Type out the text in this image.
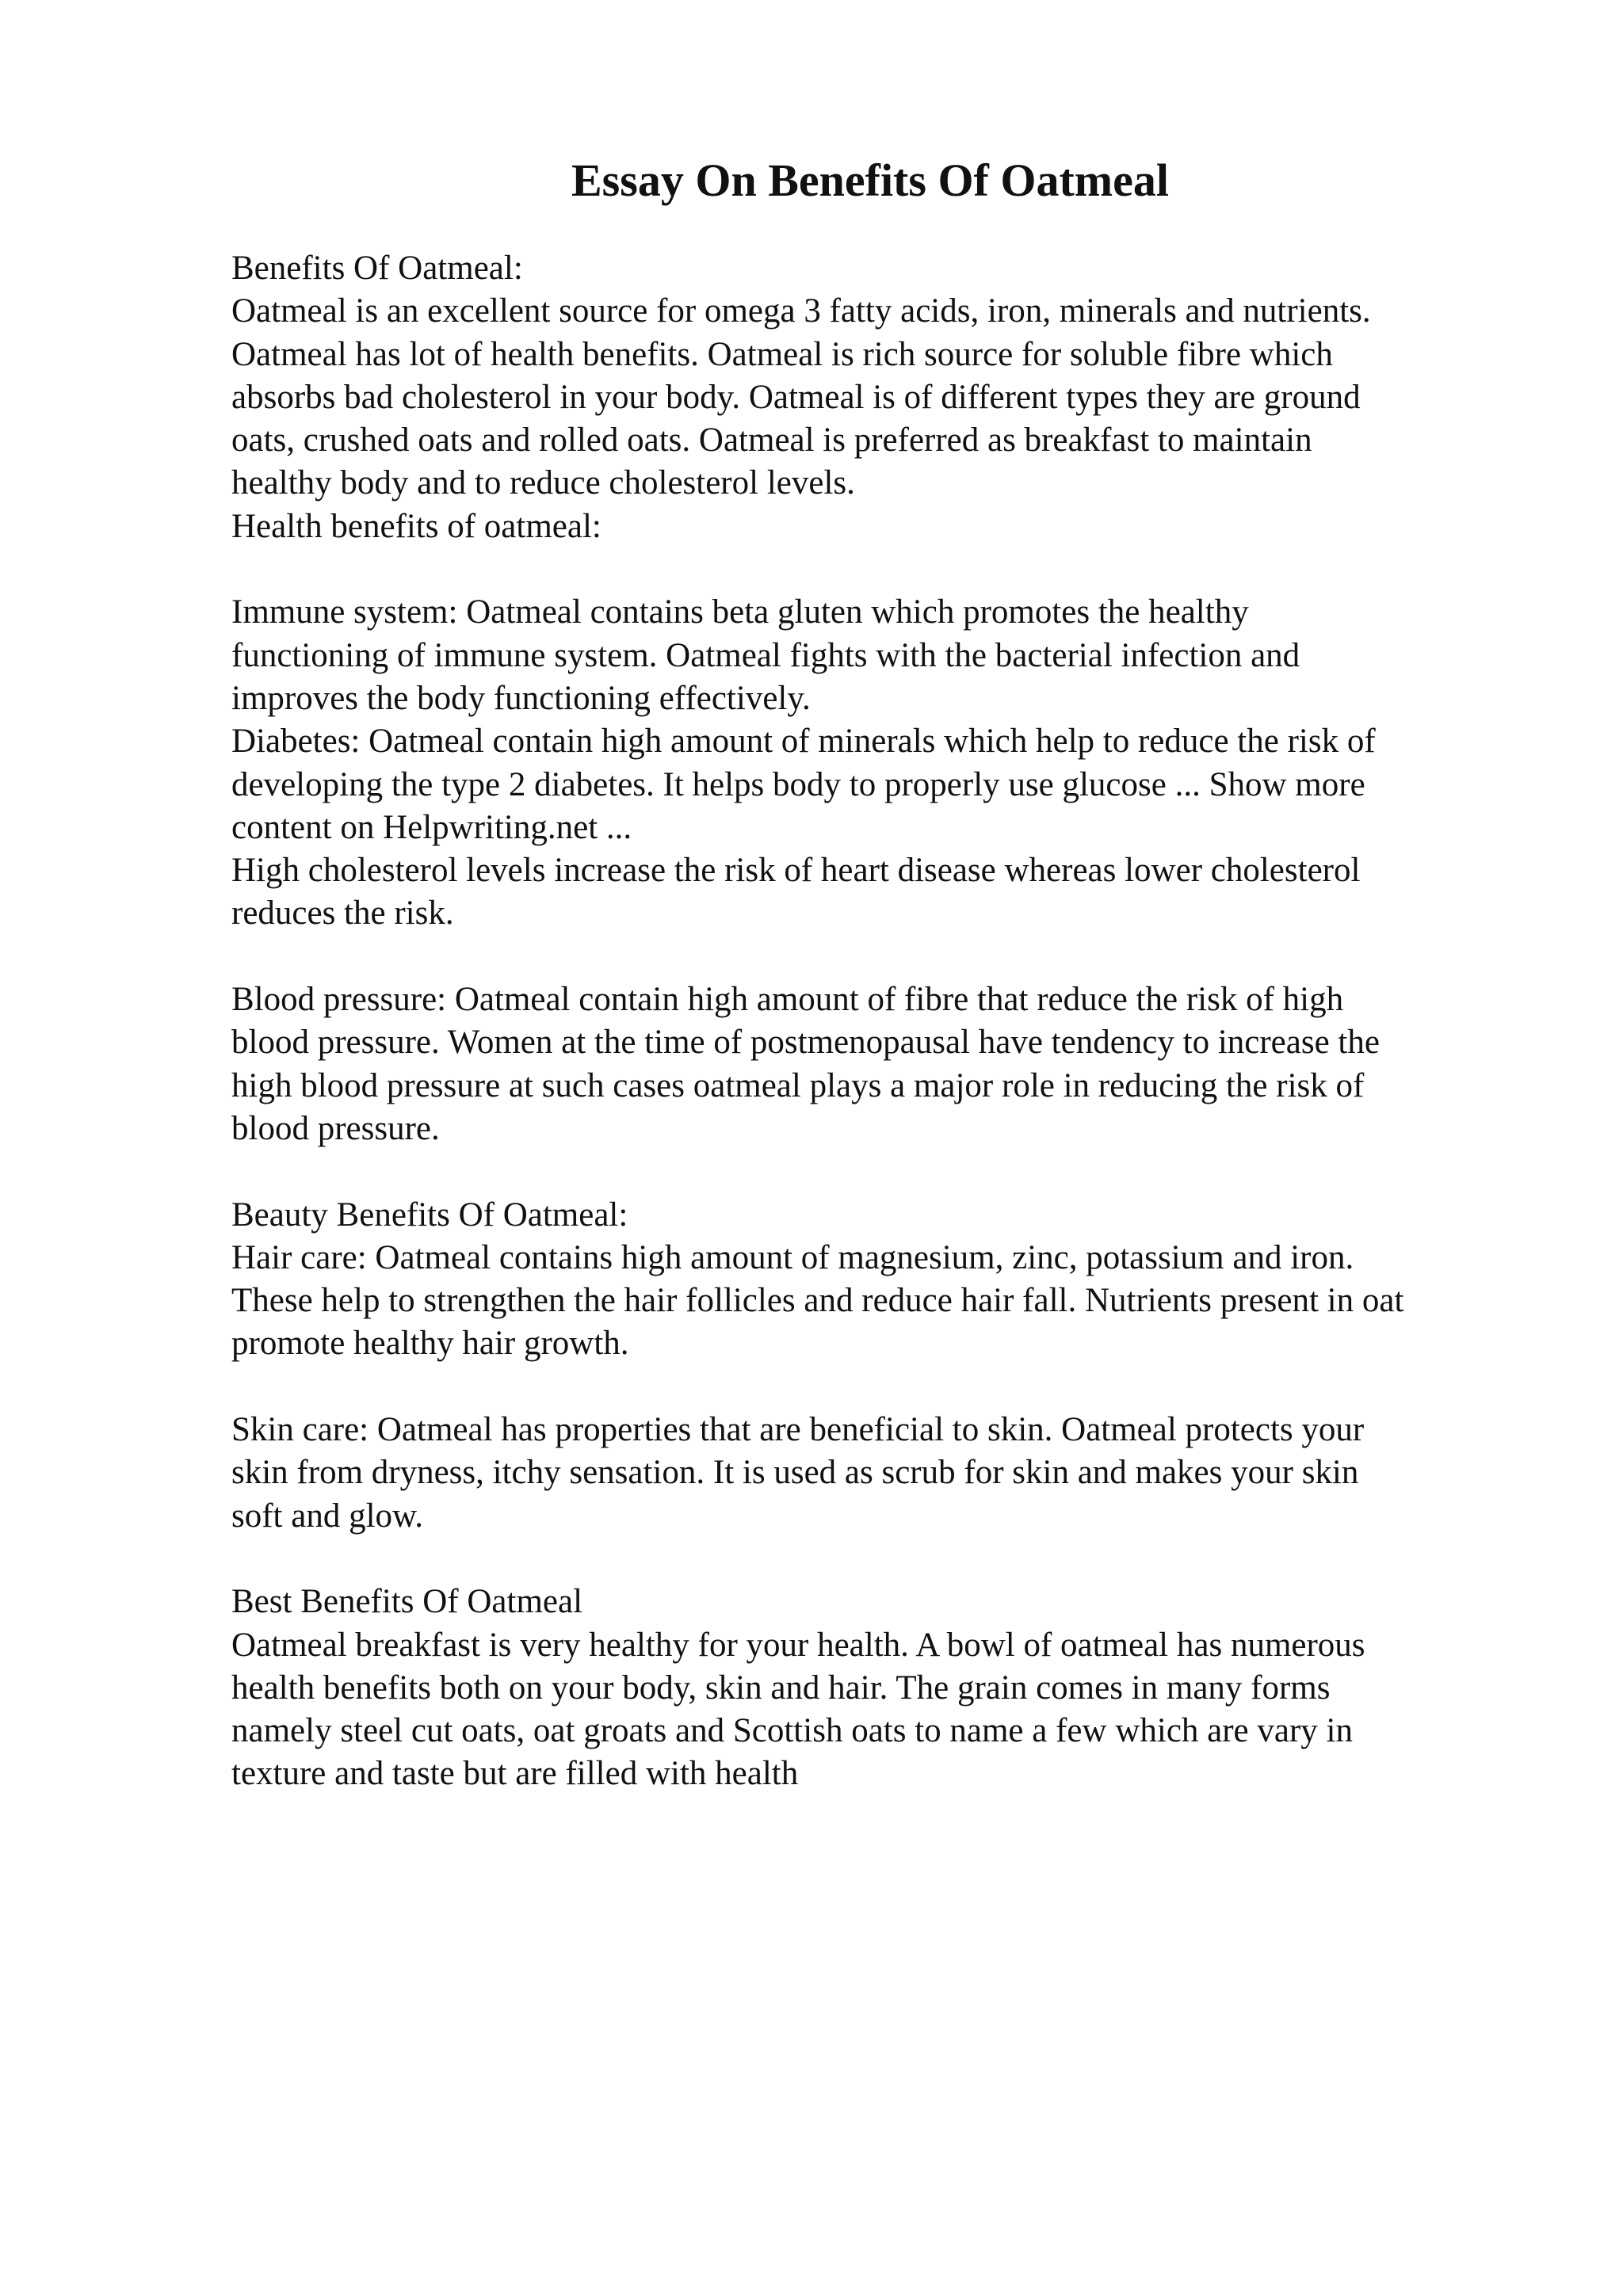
Essay On Benefits Of Oatmeal
Benefits Of Oatmeal:
Oatmeal is an excellent source for omega 3 fatty acids, iron, minerals and nutrients.
Oatmeal has lot of health benefits. Oatmeal is rich source for soluble fibre which
absorbs bad cholesterol in your body. Oatmeal is of different types they are ground
oats, crushed oats and rolled oats. Oatmeal is preferred as breakfast to maintain
healthy body and to reduce cholesterol levels.
Health benefits of oatmeal:
Immune system: Oatmeal contains beta gluten which promotes the healthy
functioning of immune system. Oatmeal fights with the bacterial infection and
improves the body functioning effectively.
Diabetes: Oatmeal contain high amount of minerals which help to reduce the risk of
developing the type 2 diabetes. It helps body to properly use glucose ... Show more
content on Helpwriting.net ...
High cholesterol levels increase the risk of heart disease whereas lower cholesterol
reduces the risk.
Blood pressure: Oatmeal contain high amount of fibre that reduce the risk of high
blood pressure. Women at the time of postmenopausal have tendency to increase the
high blood pressure at such cases oatmeal plays a major role in reducing the risk of
blood pressure.
Beauty Benefits Of Oatmeal:
Hair care: Oatmeal contains high amount of magnesium, zinc, potassium and iron.
These help to strengthen the hair follicles and reduce hair fall. Nutrients present in oat
promote healthy hair growth.
Skin care: Oatmeal has properties that are beneficial to skin. Oatmeal protects your
skin from dryness, itchy sensation. It is used as scrub for skin and makes your skin
soft and glow.
Best Benefits Of Oatmeal
Oatmeal breakfast is very healthy for your health. A bowl of oatmeal has numerous
health benefits both on your body, skin and hair. The grain comes in many forms
namely steel cut oats, oat groats and Scottish oats to name a few which are vary in
texture and taste but are filled with health
